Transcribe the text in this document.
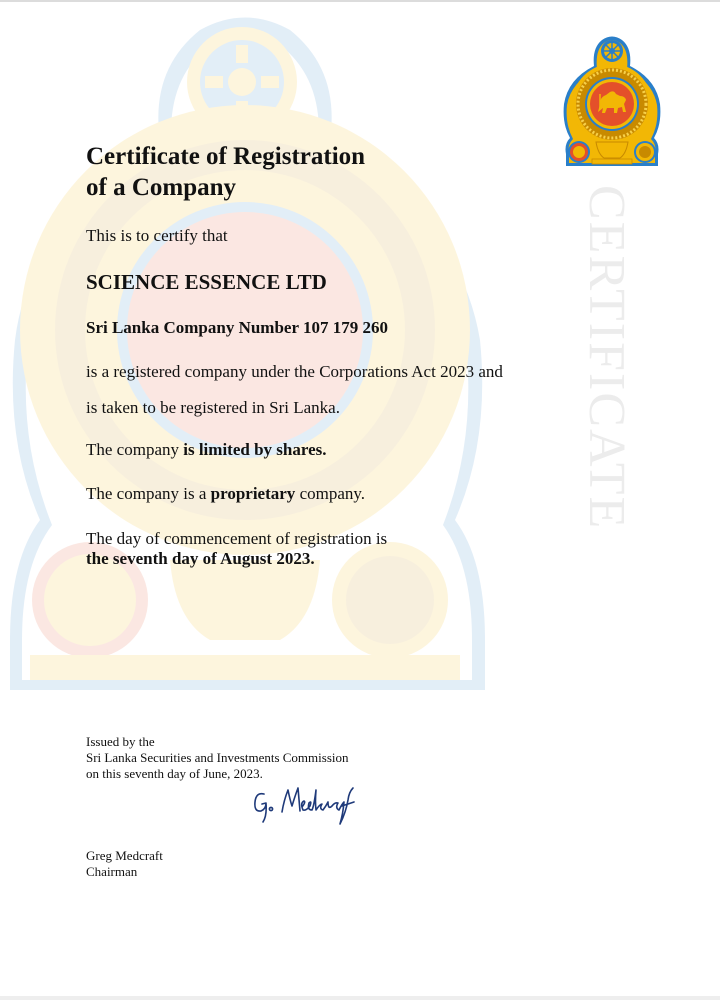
CERTIFICATE
Certificate of Registration
of a Company
This is to certify that
SCIENCE ESSENCE LTD
Sri Lanka Company Number 107 179 260
is a registered company under the Corporations Act 2023 and
is taken to be registered in Sri Lanka.
The company is limited by shares.
The company is a proprietary company.
The day of commencement of registration is
the seventh day of August 2023.
Issued by the
Sri Lanka Securities and Investments Commission
on this seventh day of June, 2023.
Greg Medcraft
Chairman
